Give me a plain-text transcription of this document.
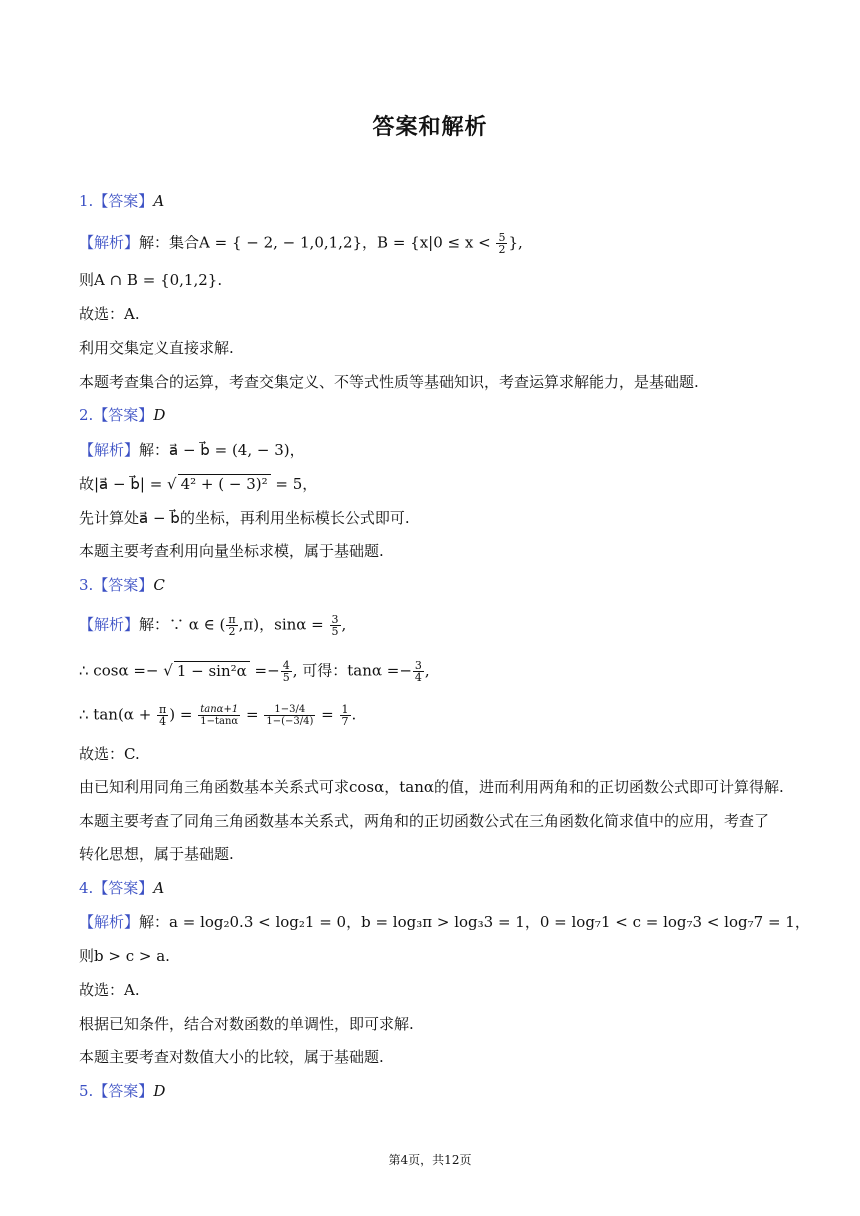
答案和解析
1.【答案】A
【解析】解：集合A = { − 2, − 1,0,1,2}，$B = \{x|0 \le x < \frac{5}{2}$ },
则A ∩ B = {0,1,2}.
故选：A.
利用交集定义直接求解.
本题考查集合的运算，考查交集定义、不等式性质等基础知识，考查运算求解能力，是基础题.
2.【答案】D
【解析】解：a⃗ − b⃗ = (4, − 3)，
故|a⃗ − b⃗| = √ 4² + ( − 3)² = 5，
先计算处a⃗ − b⃗的坐标，再利用坐标模长公式即可.
本题主要考查利用向量坐标求模，属于基础题.
3.【答案】C
【解析】解：∵ α ∈ ( $\frac{\pi}{2} ,\pi$)，$\sin\alpha = \frac{3}{5}$ ,
∴ cosα =− √ $1 - \sin^2\alpha =- \frac{4}{5}$ , 可得：$\tan\alpha =- \frac{3}{4}$ ,
∴ $\tan(\alpha + \frac{\pi}{4}$ ) = $\frac{\tan\alpha+1}{1-\tan\alpha} = \frac{1-3/4}{1-(-3/4)} = \frac{1}{7}$ .
故选：C.
由已知利用同角三角函数基本关系式可求cosα，tanα的值，进而利用两角和的正切函数公式即可计算得解.
本题主要考查了同角三角函数基本关系式，两角和的正切函数公式在三角函数化简求值中的应用，考查了
转化思想，属于基础题.
4.【答案】A
【解析】解：a = log₂0.3 < log₂1 = 0，b = log₃π > log₃3 = 1，0 = log₇1 < c = log₇3 < log₇7 = 1，
则b > c > a.
故选：A.
根据已知条件，结合对数函数的单调性，即可求解.
本题主要考查对数值大小的比较，属于基础题.
5.【答案】D
第4页，共12页
